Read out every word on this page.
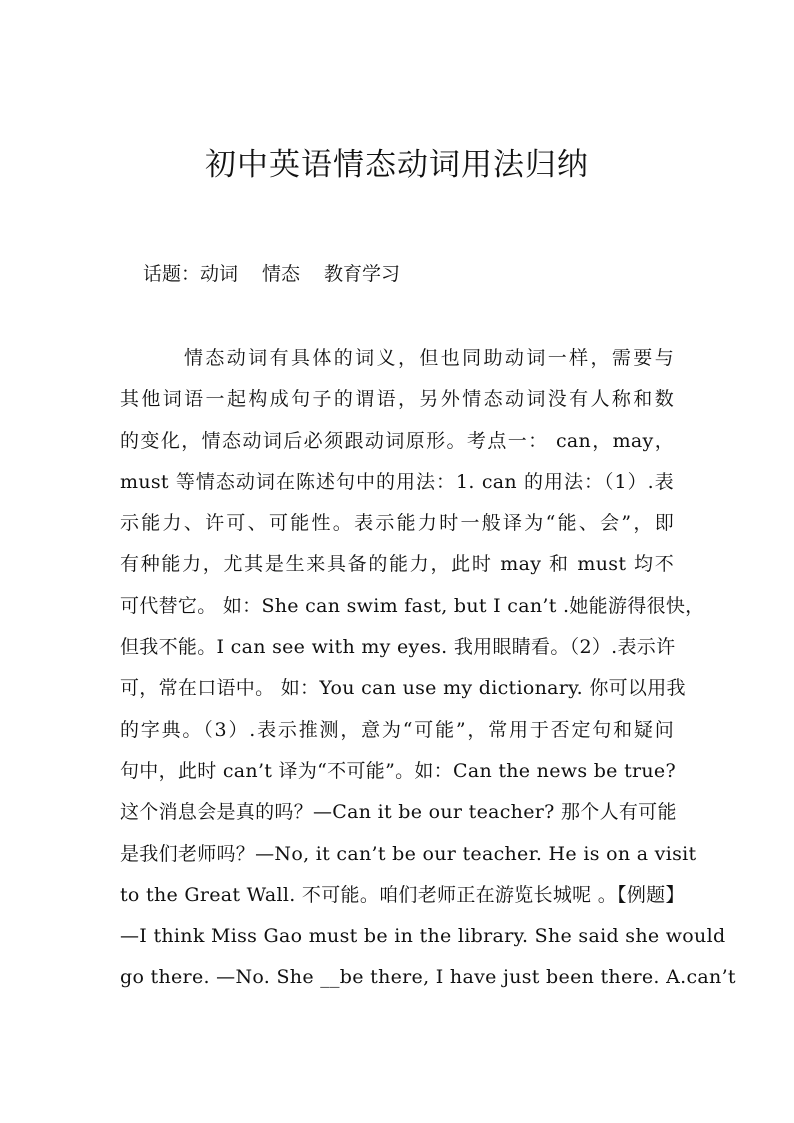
初中英语情态动词用法归纳
话题：动词 情态 教育学习
情态动词有具体的词义，但也同助动词一样，需要与
其他词语一起构成句子的谓语，另外情态动词没有人称和数
的变化，情态动词后必须跟动词原形。考点一： can，may，
must 等情态动词在陈述句中的用法：1. can 的用法：（1）.表
示能力、许可、可能性。表示能力时一般译为“能、会”，即
有种能力，尤其是生来具备的能力，此时 may 和 must 均不
可代替它。 如：She can swim fast, but I can’t .她能游得很快，
但我不能。I can see with my eyes. 我用眼睛看。（2）.表示许
可，常在口语中。 如：You can use my dictionary. 你可以用我
的字典。（3）.表示推测，意为“可能”，常用于否定句和疑问
句中，此时 can’t 译为“不可能”。如：Can the news be true?
这个消息会是真的吗？—Can it be our teacher? 那个人有可能
是我们老师吗？—No, it can’t be our teacher. He is on a visit
to the Great Wall. 不可能。咱们老师正在游览长城呢 。【例题】
—I think Miss Gao must be in the library. She said she would
go there. —No. She __be there, I have just been there. A.can’t
